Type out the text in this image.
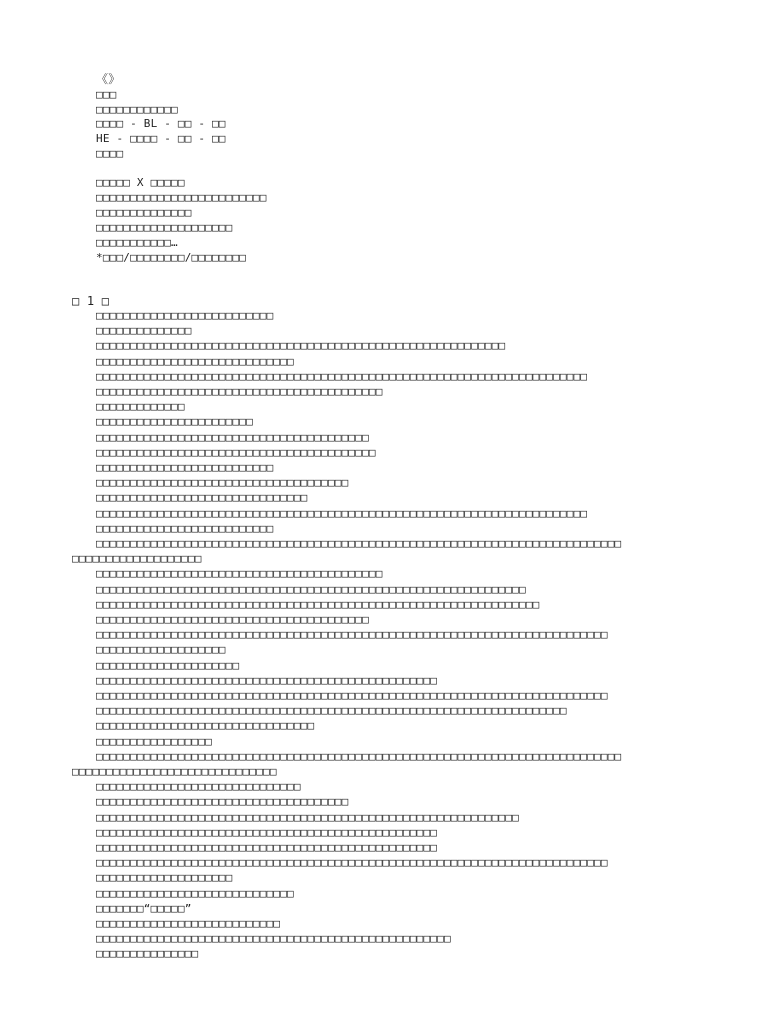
《》
□□□
□□□□□□□□□□□□
□□□□ - BL - □□ - □□
HE - □□□□ - □□ - □□
□□□□
□□□□□ X □□□□□
□□□□□□□□□□□□□□□□□□□□□□□□□
□□□□□□□□□□□□□□
□□□□□□□□□□□□□□□□□□□□
□□□□□□□□□□□…
*□□□/□□□□□□□□/□□□□□□□□
□ 1 □
□□□□□□□□□□□□□□□□□□□□□□□□□□
□□□□□□□□□□□□□□
□□□□□□□□□□□□□□□□□□□□□□□□□□□□□□□□□□□□□□□□□□□□□□□□□□□□□□□□□□□□
□□□□□□□□□□□□□□□□□□□□□□□□□□□□□
□□□□□□□□□□□□□□□□□□□□□□□□□□□□□□□□□□□□□□□□□□□□□□□□□□□□□□□□□□□□□□□□□□□□□□□□
□□□□□□□□□□□□□□□□□□□□□□□□□□□□□□□□□□□□□□□□□□
□□□□□□□□□□□□□
□□□□□□□□□□□□□□□□□□□□□□□
□□□□□□□□□□□□□□□□□□□□□□□□□□□□□□□□□□□□□□□□
□□□□□□□□□□□□□□□□□□□□□□□□□□□□□□□□□□□□□□□□□
□□□□□□□□□□□□□□□□□□□□□□□□□□
□□□□□□□□□□□□□□□□□□□□□□□□□□□□□□□□□□□□□
□□□□□□□□□□□□□□□□□□□□□□□□□□□□□□□
□□□□□□□□□□□□□□□□□□□□□□□□□□□□□□□□□□□□□□□□□□□□□□□□□□□□□□□□□□□□□□□□□□□□□□□□
□□□□□□□□□□□□□□□□□□□□□□□□□□
□□□□□□□□□□□□□□□□□□□□□□□□□□□□□□□□□□□□□□□□□□□□□□□□□□□□□□□□□□□□□□□□□□□□□□□□□□□□□
□□□□□□□□□□□□□□□□□□□
□□□□□□□□□□□□□□□□□□□□□□□□□□□□□□□□□□□□□□□□□□
□□□□□□□□□□□□□□□□□□□□□□□□□□□□□□□□□□□□□□□□□□□□□□□□□□□□□□□□□□□□□□□
□□□□□□□□□□□□□□□□□□□□□□□□□□□□□□□□□□□□□□□□□□□□□□□□□□□□□□□□□□□□□□□□□
□□□□□□□□□□□□□□□□□□□□□□□□□□□□□□□□□□□□□□□□
□□□□□□□□□□□□□□□□□□□□□□□□□□□□□□□□□□□□□□□□□□□□□□□□□□□□□□□□□□□□□□□□□□□□□□□□□□□
□□□□□□□□□□□□□□□□□□□
□□□□□□□□□□□□□□□□□□□□□
□□□□□□□□□□□□□□□□□□□□□□□□□□□□□□□□□□□□□□□□□□□□□□□□□□
□□□□□□□□□□□□□□□□□□□□□□□□□□□□□□□□□□□□□□□□□□□□□□□□□□□□□□□□□□□□□□□□□□□□□□□□□□□
□□□□□□□□□□□□□□□□□□□□□□□□□□□□□□□□□□□□□□□□□□□□□□□□□□□□□□□□□□□□□□□□□□□□□
□□□□□□□□□□□□□□□□□□□□□□□□□□□□□□□□
□□□□□□□□□□□□□□□□□
□□□□□□□□□□□□□□□□□□□□□□□□□□□□□□□□□□□□□□□□□□□□□□□□□□□□□□□□□□□□□□□□□□□□□□□□□□□□□
□□□□□□□□□□□□□□□□□□□□□□□□□□□□□□
□□□□□□□□□□□□□□□□□□□□□□□□□□□□□□
□□□□□□□□□□□□□□□□□□□□□□□□□□□□□□□□□□□□□
□□□□□□□□□□□□□□□□□□□□□□□□□□□□□□□□□□□□□□□□□□□□□□□□□□□□□□□□□□□□□□
□□□□□□□□□□□□□□□□□□□□□□□□□□□□□□□□□□□□□□□□□□□□□□□□□□
□□□□□□□□□□□□□□□□□□□□□□□□□□□□□□□□□□□□□□□□□□□□□□□□□□
□□□□□□□□□□□□□□□□□□□□□□□□□□□□□□□□□□□□□□□□□□□□□□□□□□□□□□□□□□□□□□□□□□□□□□□□□□□
□□□□□□□□□□□□□□□□□□□□
□□□□□□□□□□□□□□□□□□□□□□□□□□□□□
□□□□□□□“□□□□□”
□□□□□□□□□□□□□□□□□□□□□□□□□□□
□□□□□□□□□□□□□□□□□□□□□□□□□□□□□□□□□□□□□□□□□□□□□□□□□□□□
□□□□□□□□□□□□□□□
